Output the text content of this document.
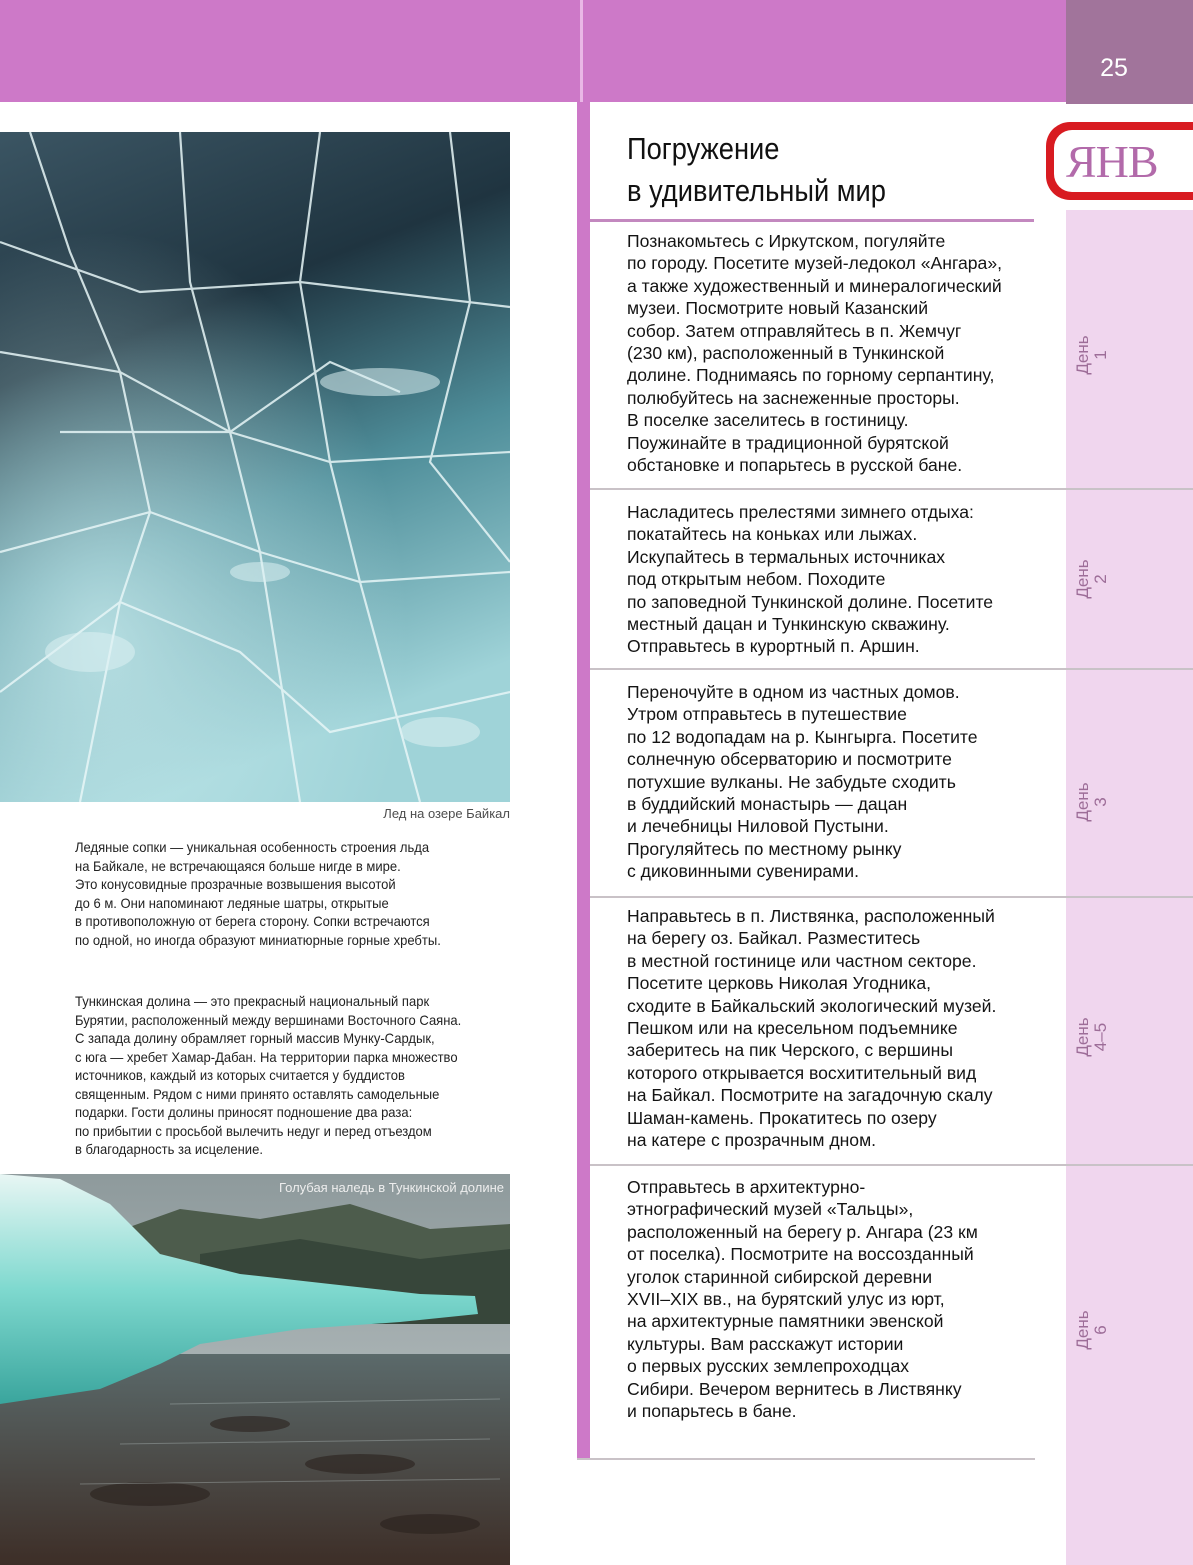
25
ЯНВ
Погружение
в удивительный мир
Познакомьтесь с Иркутском, погуляйте
по городу. Посетите музей-ледокол «Ангара»,
а также художественный и минералогический
музеи. Посмотрите новый Казанский
собор. Затем отправляйтесь в п. Жемчуг
(230 км), расположенный в Тункинской
долине. Поднимаясь по горному серпантину,
полюбуйтесь на заснеженные просторы.
В поселке заселитесь в гостиницу.
Поужинайте в традиционной бурятской
обстановке и попарьтесь в русской бане.
День
1
Насладитесь прелестями зимнего отдыха:
покатайтесь на коньках или лыжах.
Искупайтесь в термальных источниках
под открытым небом. Походите
по заповедной Тункинской долине. Посетите
местный дацан и Тункинскую скважину.
Отправьтесь в курортный п. Аршин.
День
2
Переночуйте в одном из частных домов.
Утром отправьтесь в путешествие
по 12 водопадам на р. Кынгырга. Посетите
солнечную обсерваторию и посмотрите
потухшие вулканы. Не забудьте сходить
в буддийский монастырь — дацан
и лечебницы Ниловой Пустыни.
Прогуляйтесь по местному рынку
с диковинными сувенирами.
День
3
Направьтесь в п. Листвянка, расположенный
на берегу оз. Байкал. Разместитесь
в местной гостинице или частном секторе.
Посетите церковь Николая Угодника,
сходите в Байкальский экологический музей.
Пешком или на кресельном подъемнике
заберитесь на пик Черского, с вершины
которого открывается восхитительный вид
на Байкал. Посмотрите на загадочную скалу
Шаман-камень. Прокатитесь по озеру
на катере с прозрачным дном.
День
4–5
Отправьтесь в архитектурно-
этнографический музей «Тальцы»,
расположенный на берегу р. Ангара (23 км
от поселка). Посмотрите на воссозданный
уголок старинной сибирской деревни
XVII–XIX вв., на бурятский улус из юрт,
на архитектурные памятники эвенской
культуры. Вам расскажут истории
о первых русских землепроходцах
Сибири. Вечером вернитесь в Листвянку
и попарьтесь в бане.
День
6
Лед на озере Байкал
Ледяные сопки — уникальная особенность строения льда
на Байкале, не встречающаяся больше нигде в мире.
Это конусовидные прозрачные возвышения высотой
до 6 м. Они напоминают ледяные шатры, открытые
в противоположную от берега сторону. Сопки встречаются
по одной, но иногда образуют миниатюрные горные хребты.
Тункинская долина — это прекрасный национальный парк
Бурятии, расположенный между вершинами Восточного Саяна.
С запада долину обрамляет горный массив Мунку-Сардык,
с юга — хребет Хамар-Дабан. На территории парка множество
источников, каждый из которых считается у буддистов
священным. Рядом с ними принято оставлять самодельные
подарки. Гости долины приносят подношение два раза:
по прибытии с просьбой вылечить недуг и перед отъездом
в благодарность за исцеление.
Голубая наледь в Тункинской долине
